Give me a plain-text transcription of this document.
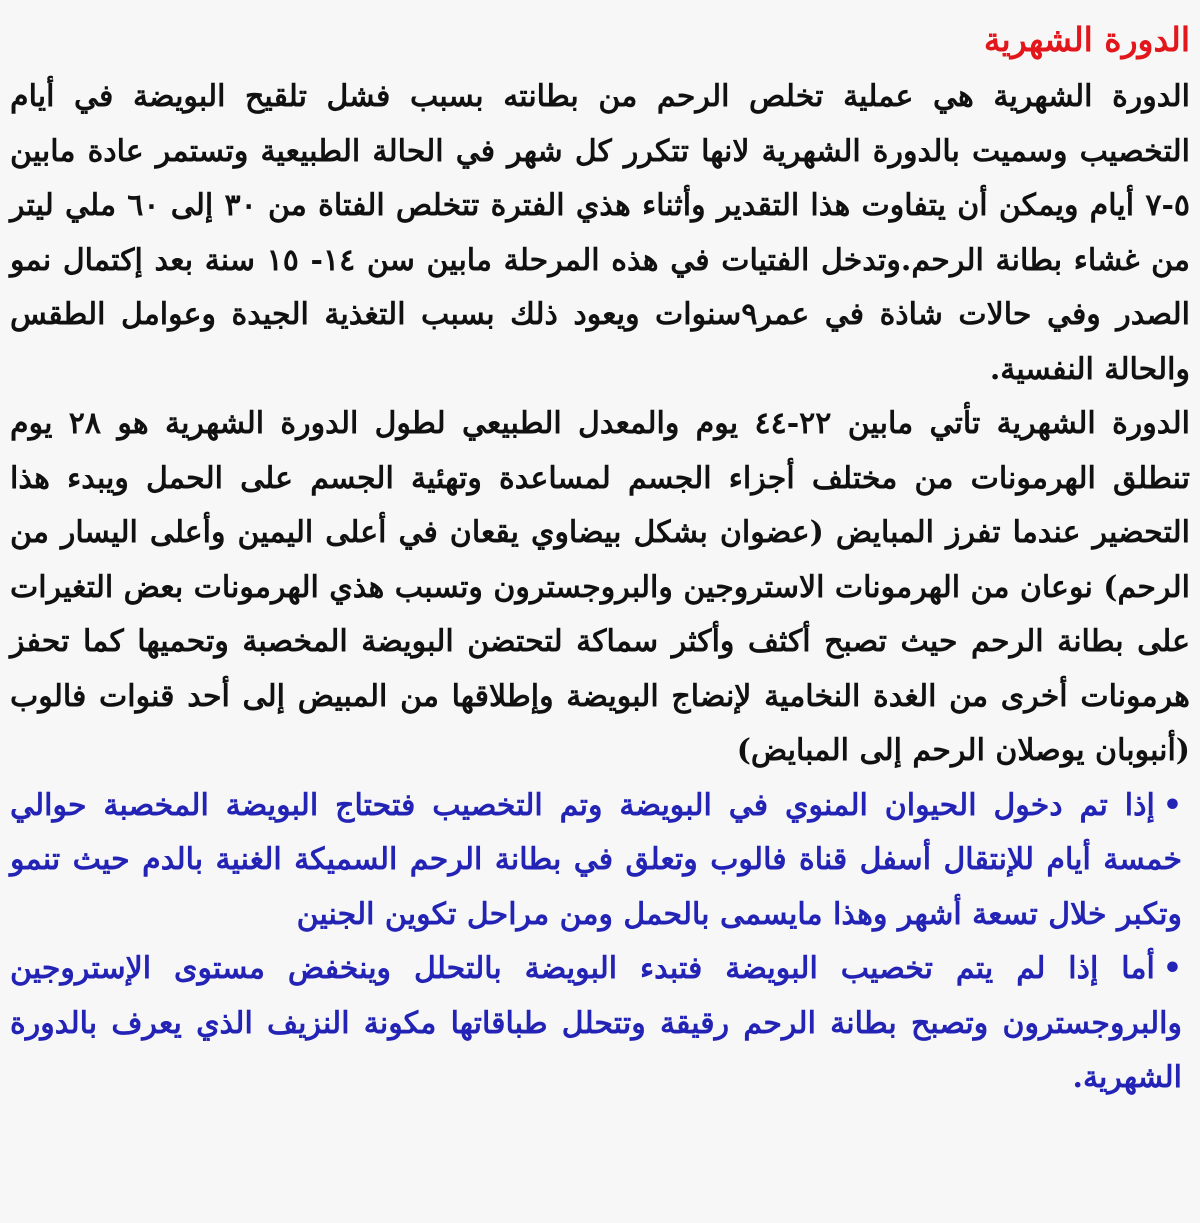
الدورة الشهرية

الدورة الشهرية هي عملية تخلص الرحم من بطانته بسبب فشل تلقيح البويضة في أيام التخصيب وسميت بالدورة الشهرية لانها تتكرر كل شهر في الحالة الطبيعية وتستمر عادة مابين ٥-٧ أيام ويمكن أن يتفاوت هذا التقدير وأثناء هذي الفترة تتخلص الفتاة من ٣٠ إلى ٦٠ ملي ليتر من غشاء بطانة الرحم.وتدخل الفتيات في هذه المرحلة مابين سن ١٤- ١٥ سنة بعد إكتمال نمو الصدر وفي حالات شاذة في عمر٩سنوات ويعود ذلك بسبب التغذية الجيدة وعوامل الطقس والحالة النفسية.

الدورة الشهرية تأتي مابين ٢٢-٤٤ يوم والمعدل الطبيعي لطول الدورة الشهرية هو ٢٨ يوم تنطلق الهرمونات من مختلف أجزاء الجسم لمساعدة وتهئية الجسم على الحمل ويبدء هذا التحضير عندما تفرز المبايض (عضوان بشكل بيضاوي يقعان في أعلى اليمين وأعلى اليسار من الرحم) نوعان من الهرمونات الاستروجين والبروجسترون وتسبب هذي الهرمونات بعض التغيرات على بطانة الرحم حيث تصبح أكثف وأكثر سماكة لتحتضن البويضة المخصبة وتحميها كما تحفز هرمونات أخرى من الغدة النخامية لإنضاج البويضة وإطلاقها من المبيض إلى أحد قنوات فالوب (أنبوبان يوصلان الرحم إلى المبايض)

•إذا تم دخول الحيوان المنوي في البويضة وتم التخصيب فتحتاج البويضة المخصبة حوالي خمسة أيام للإنتقال أسفل قناة فالوب وتعلق في بطانة الرحم السميكة الغنية بالدم حيث تنمو وتكبر خلال تسعة أشهر وهذا مايسمى بالحمل ومن مراحل تكوين الجنين
•أما إذا لم يتم تخصيب البويضة فتبدء البويضة بالتحلل وينخفض مستوى الإستروجين والبروجسترون وتصبح بطانة الرحم رقيقة وتتحلل طباقاتها مكونة النزيف الذي يعرف بالدورة الشهرية.
